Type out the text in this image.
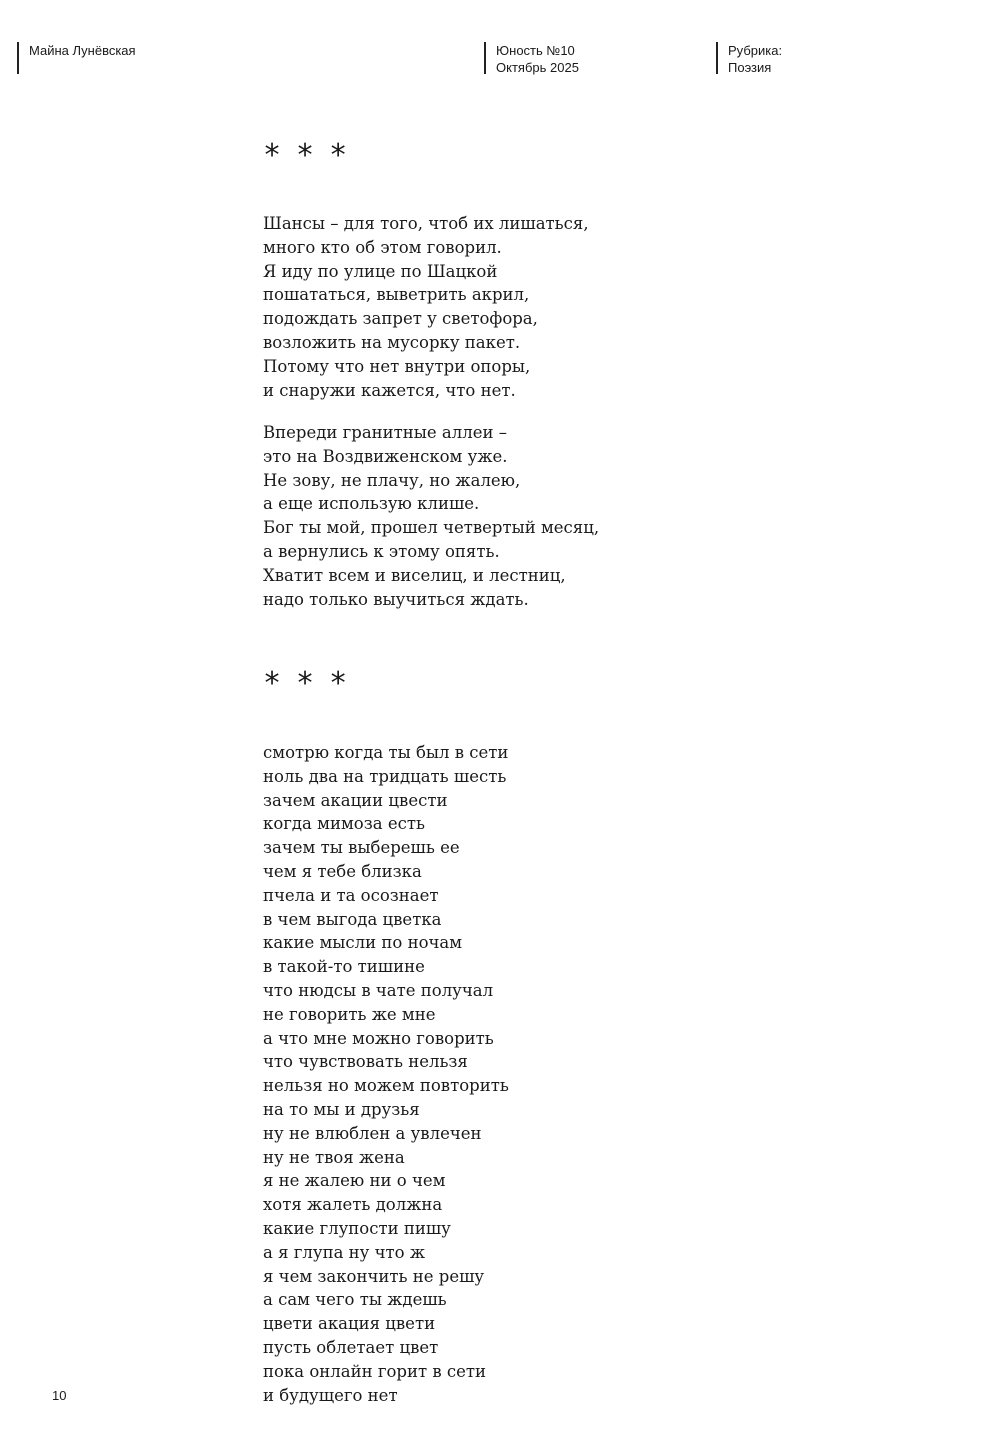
Майна Лунёвская	Юность №10
Октябрь 2025
Рубрика:
Поэзия
***
Шансы – для того, чтоб их лишаться,
много кто об этом говорил.
Я иду по улице по Шацкой
пошататься, выветрить акрил,
подождать запрет у светофора,
возложить на мусорку пакет.
Потому что нет внутри опоры,
и снаружи кажется, что нет.
Впереди гранитные аллеи –
это на Воздвиженском уже.
Не зову, не плачу, но жалею,
а еще использую клише.
Бог ты мой, прошел четвертый месяц,
а вернулись к этому опять.
Хватит всем и виселиц, и лестниц,
надо только выучиться ждать.
***
смотрю когда ты был в сети
ноль два на тридцать шесть
зачем акации цвести
когда мимоза есть
зачем ты выберешь ее
чем я тебе близка
пчела и та осознает
в чем выгода цветка
какие мысли по ночам
в такой-то тишине
что нюдсы в чате получал
не говорить же мне
а что мне можно говорить
что чувствовать нельзя
нельзя но можем повторить
на то мы и друзья
ну не влюблен а увлечен
ну не твоя жена
я не жалею ни о чем
хотя жалеть должна
какие глупости пишу
а я глупа ну что ж
я чем закончить не решу
а сам чего ты ждешь
цвети акация цвети
пусть облетает цвет
пока онлайн горит в сети
и будущего нет
10
